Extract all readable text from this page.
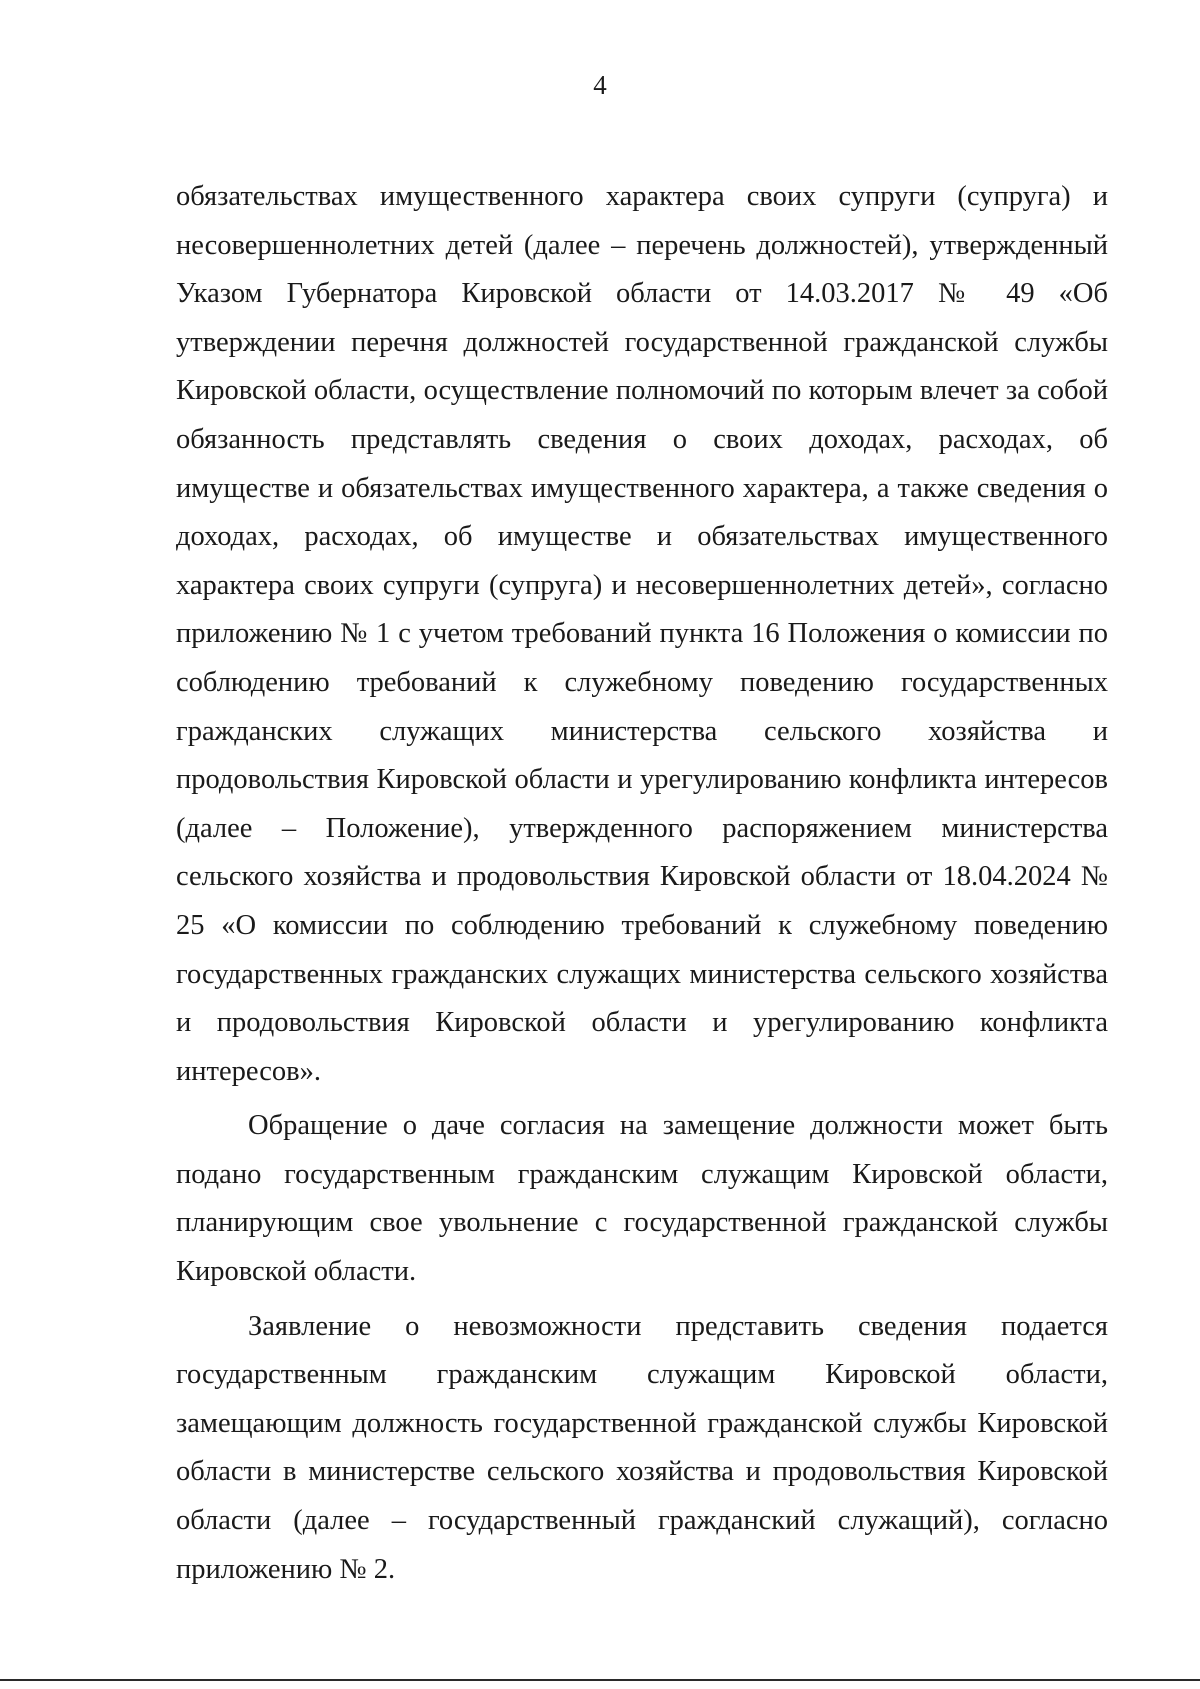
4

обязательствах имущественного характера своих супруги (супруга) и несовершеннолетних детей (далее – перечень должностей), утвержденный Указом Губернатора Кировской области от 14.03.2017 № 49 «Об утверждении перечня должностей государственной гражданской службы Кировской области, осуществление полномочий по которым влечет за собой обязанность представлять сведения о своих доходах, расходах, об имуществе и обязательствах имущественного характера, а также сведения о доходах, расходах, об имуществе и обязательствах имущественного характера своих супруги (супруга) и несовершеннолетних детей», согласно приложению № 1 с учетом требований пункта 16 Положения о комиссии по соблюдению требований к служебному поведению государственных гражданских служащих министерства сельского хозяйства и продовольствия Кировской области и урегулированию конфликта интересов (далее – Положение), утвержденного распоряжением министерства сельского хозяйства и продовольствия Кировской области от 18.04.2024 № 25 «О комиссии по соблюдению требований к служебному поведению государственных гражданских служащих министерства сельского хозяйства и продовольствия Кировской области и урегулированию конфликта интересов».

Обращение о даче согласия на замещение должности может быть подано государственным гражданским служащим Кировской области, планирующим свое увольнение с государственной гражданской службы Кировской области.

Заявление о невозможности представить сведения подается государственным гражданским служащим Кировской области, замещающим должность государственной гражданской службы Кировской области в министерстве сельского хозяйства и продовольствия Кировской области (далее – государственный гражданский служащий), согласно приложению № 2.
